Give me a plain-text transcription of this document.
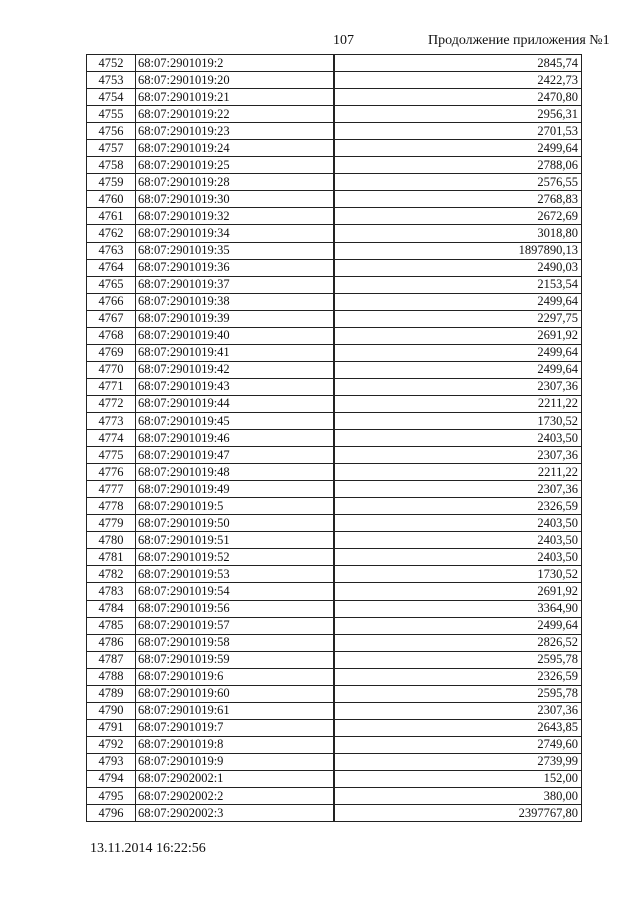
107	Продолжение приложения №1
4752	68:07:2901019:2	2845,74
4753	68:07:2901019:20	2422,73
4754	68:07:2901019:21	2470,80
4755	68:07:2901019:22	2956,31
4756	68:07:2901019:23	2701,53
4757	68:07:2901019:24	2499,64
4758	68:07:2901019:25	2788,06
4759	68:07:2901019:28	2576,55
4760	68:07:2901019:30	2768,83
4761	68:07:2901019:32	2672,69
4762	68:07:2901019:34	3018,80
4763	68:07:2901019:35	1897890,13
4764	68:07:2901019:36	2490,03
4765	68:07:2901019:37	2153,54
4766	68:07:2901019:38	2499,64
4767	68:07:2901019:39	2297,75
4768	68:07:2901019:40	2691,92
4769	68:07:2901019:41	2499,64
4770	68:07:2901019:42	2499,64
4771	68:07:2901019:43	2307,36
4772	68:07:2901019:44	2211,22
4773	68:07:2901019:45	1730,52
4774	68:07:2901019:46	2403,50
4775	68:07:2901019:47	2307,36
4776	68:07:2901019:48	2211,22
4777	68:07:2901019:49	2307,36
4778	68:07:2901019:5	2326,59
4779	68:07:2901019:50	2403,50
4780	68:07:2901019:51	2403,50
4781	68:07:2901019:52	2403,50
4782	68:07:2901019:53	1730,52
4783	68:07:2901019:54	2691,92
4784	68:07:2901019:56	3364,90
4785	68:07:2901019:57	2499,64
4786	68:07:2901019:58	2826,52
4787	68:07:2901019:59	2595,78
4788	68:07:2901019:6	2326,59
4789	68:07:2901019:60	2595,78
4790	68:07:2901019:61	2307,36
4791	68:07:2901019:7	2643,85
4792	68:07:2901019:8	2749,60
4793	68:07:2901019:9	2739,99
4794	68:07:2902002:1	152,00
4795	68:07:2902002:2	380,00
4796	68:07:2902002:3	2397767,80
13.11.2014 16:22:56
